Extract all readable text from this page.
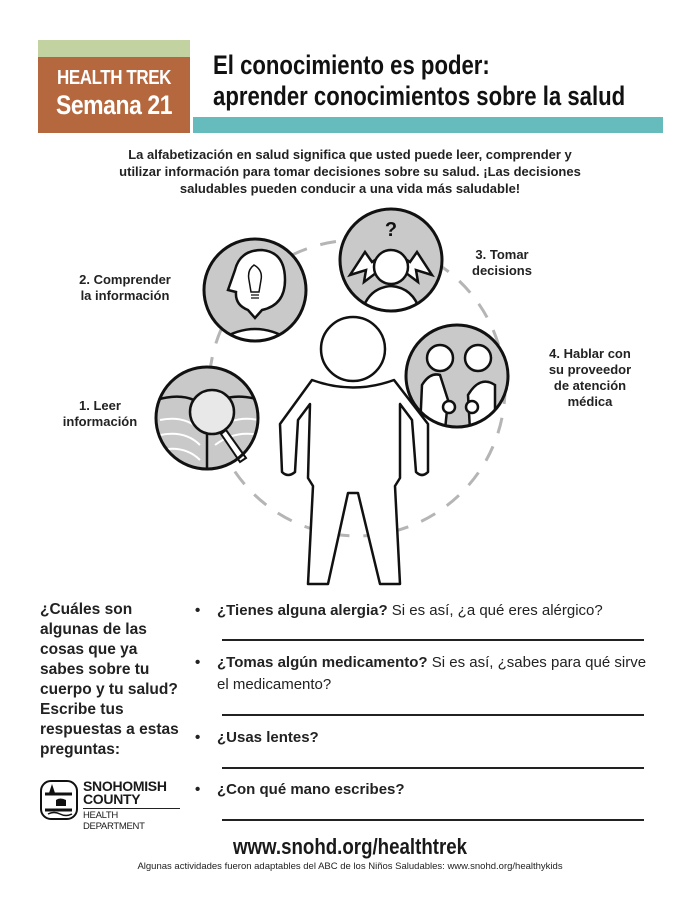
HEALTH TREK
Semana 21
El conocimiento es poder:
aprender conocimientos sobre la salud
La alfabetización en salud significa que usted puede leer, comprender y utilizar información para tomar decisiones sobre su salud. ¡Las decisiones saludables pueden conducir a una vida más saludable!
?
1. Leer
información
2. Comprender
la información
3. Tomar
decisions
4. Hablar con
su proveedor
de atención
médica
¿Cuáles son algunas de las cosas que ya sabes sobre tu cuerpo y tu salud? Escribe tus respuestas a estas preguntas:
• ¿Tienes alguna alergia? Si es así, ¿a qué eres alérgico?
• ¿Tomas algún medicamento? Si es así, ¿sabes para qué sirve el medicamento?
• ¿Usas lentes?
• ¿Con qué mano escribes?
SNOHOMISH
COUNTY
HEALTH DEPARTMENT
www.snohd.org/healthtrek
Algunas actividades fueron adaptables del ABC de los Niños Saludables: www.snohd.org/healthykids
